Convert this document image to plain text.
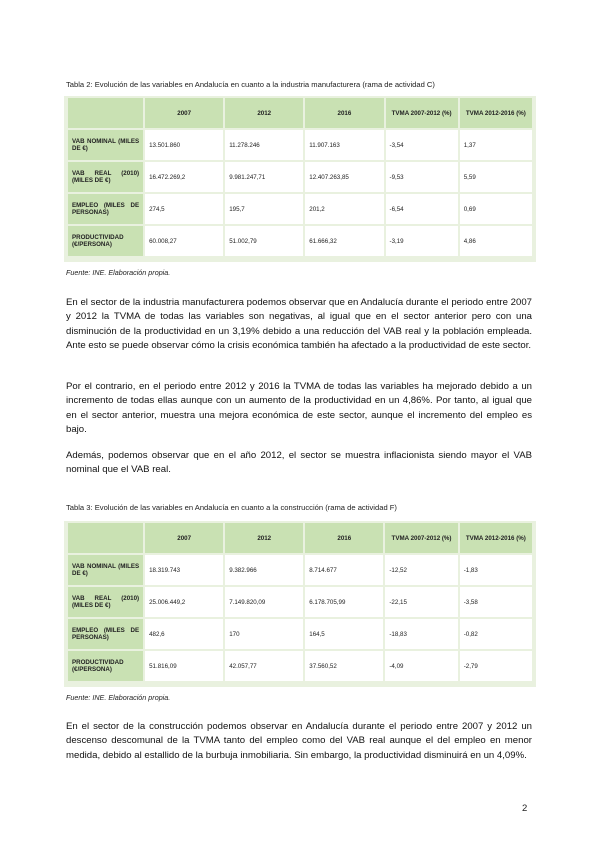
Tabla 2: Evolución de las variables en Andalucía en cuanto a la industria manufacturera (rama de actividad C)
	2007	2012	2016	TVMA 2007-2012 (%)	TVMA 2012-2016 (%)
VAB NOMINAL (MILES DE €)	13.501.860	11.278.246	11.907.163	-3,54	1,37
VAB REAL (2010) (MILES DE €)	16.472.269,2	9.981.247,71	12.407.263,85	-9,53	5,59
EMPLEO (MILES DE PERSONAS)	274,5	195,7	201,2	-6,54	0,69
PRODUCTIVIDAD (€/PERSONA)	60.008,27	51.002,79	61.666,32	-3,19	4,86
Fuente: INE. Elaboración propia.

En el sector de la industria manufacturera podemos observar que en Andalucía durante el periodo entre 2007 y 2012 la TVMA de todas las variables son negativas, al igual que en el sector anterior pero con una disminución de la productividad en un 3,19% debido a una reducción del VAB real y la población empleada. Ante esto se puede observar cómo la crisis económica también ha afectado a la productividad de este sector.

Por el contrario, en el periodo entre 2012 y 2016 la TVMA de todas las variables ha mejorado debido a un incremento de todas ellas aunque con un aumento de la productividad en un 4,86%. Por tanto, al igual que en el sector anterior, muestra una mejora económica de este sector, aunque el incremento del empleo es bajo.

Además, podemos observar que en el año 2012, el sector se muestra inflacionista siendo mayor el VAB nominal que el VAB real.

Tabla 3: Evolución de las variables en Andalucía en cuanto a la construcción (rama de actividad F)
	2007	2012	2016	TVMA 2007-2012 (%)	TVMA 2012-2016 (%)
VAB NOMINAL (MILES DE €)	18.319.743	9.382.966	8.714.677	-12,52	-1,83
VAB REAL (2010) (MILES DE €)	25.006.449,2	7.149.820,09	6.178.705,99	-22,15	-3,58
EMPLEO (MILES DE PERSONAS)	482,6	170	164,5	-18,83	-0,82
PRODUCTIVIDAD (€/PERSONA)	51.816,09	42.057,77	37.560,52	-4,09	-2,79
Fuente: INE. Elaboración propia.

En el sector de la construcción podemos observar en Andalucía durante el periodo entre 2007 y 2012 un descenso descomunal de la TVMA tanto del empleo como del VAB real aunque el del empleo en menor medida, debido al estallido de la burbuja inmobiliaria. Sin embargo, la productividad disminuirá en un 4,09%.

2
